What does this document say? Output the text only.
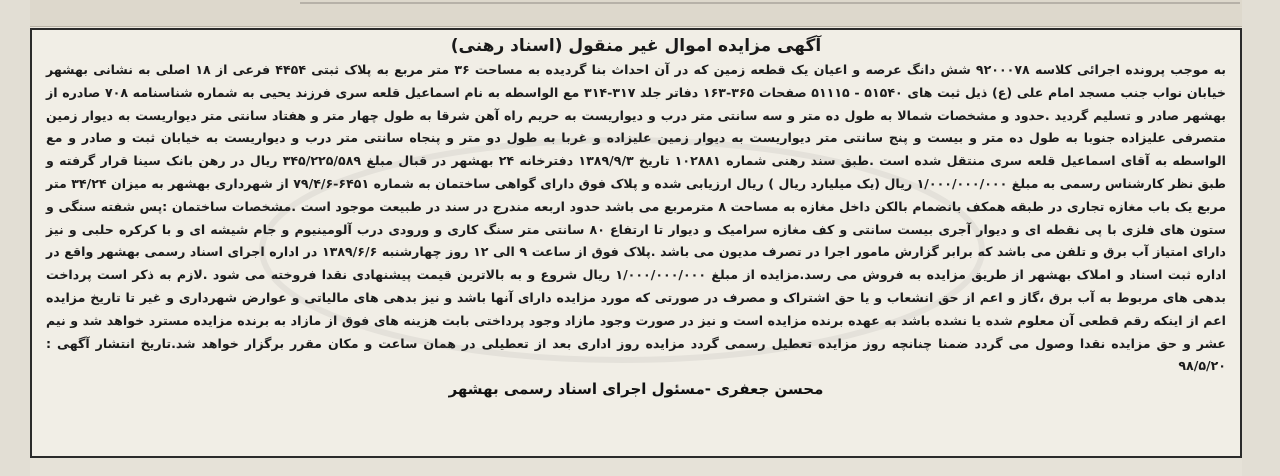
آگهی مزایده اموال غیر منقول (اسناد رهنی)

به موجب پرونده اجرائی کلاسه ۹۲۰۰۰۷۸ شش دانگ عرصه و اعیان یک قطعه زمین که در آن احداث بنا گردیده به مساحت ۳۶ متر مربع به پلاک ثبتی ۴۴۵۴ فرعی از ۱۸ اصلی به نشانی بهشهر خیابان نواب جنب مسجد امام علی (ع) ذیل ثبت های ۵۱۵۴۰ - ۵۱۱۱۵ صفحات ۳۶۵-۱۶۳ دفاتر جلد ۳۱۷-۳۱۴ مع الواسطه به نام اسماعیل قلعه سری فرزند یحیی به شماره شناسنامه ۷۰۸ صادره از بهشهر صادر و تسلیم گردید .حدود و مشخصات شمالا به طول ده متر و سه سانتی متر درب و دیواریست به حریم راه آهن شرقا به طول چهار متر و هفتاد سانتی متر دیواریست به دیوار زمین متصرفی علیزاده جنوبا به طول ده متر و بیست و پنج سانتی متر دیواریست به دیوار زمین علیزاده و غربا به طول دو متر و پنجاه سانتی متر درب و دیواریست به خیابان ثبت و صادر و مع الواسطه به آقای اسماعیل قلعه سری منتقل شده است .طبق سند رهنی شماره ۱۰۲۸۸۱ تاریخ ۱۳۸۹/۹/۳ دفترخانه ۲۴ بهشهر در قبال مبلغ ۳۴۵/۲۲۵/۵۸۹ ریال در رهن بانک سینا قرار گرفته و طبق نظر کارشناس رسمی به مبلغ ۱/۰۰۰/۰۰۰/۰۰۰ ریال (یک میلیارد ریال ) ریال ارزیابی شده و پلاک فوق دارای گواهی ساختمان به شماره ۶۴۵۱-۷۹/۴/۶ از شهرداری بهشهر به میزان ۳۴/۲۴ متر مربع یک باب مغازه تجاری در طبقه همکف بانضمام بالکن داخل مغازه به مساحت ۸ مترمربع می باشد حدود اربعه مندرج در سند در طبیعت موجود است .مشخصات ساختمان :پس شفته سنگی و ستون های فلزی با پی نقطه ای و دیوار آجری بیست سانتی و کف مغازه سرامیک و دیوار تا ارتفاع ۸۰ سانتی متر سنگ کاری و ورودی درب آلومینیوم و جام شیشه ای و با کرکره حلبی و نیز دارای امتیاز آب برق و تلفن می باشد که برابر گزارش مامور اجرا در تصرف مدیون می باشد .پلاک فوق از ساعت ۹ الی ۱۲ روز چهارشنبه ۱۳۸۹/۶/۶ در اداره اجرای اسناد رسمی بهشهر واقع در اداره ثبت اسناد و املاک بهشهر از طریق مزایده به فروش می رسد.مزایده از مبلغ ۱/۰۰۰/۰۰۰/۰۰۰ ریال شروع و به بالاترین قیمت پیشنهادی نقدا فروخته می شود .لازم به ذکر است پرداخت بدهی های مربوط به آب برق ،گاز و اعم از حق انشعاب و یا حق اشتراک و مصرف در صورتی که مورد مزایده دارای آنها باشد و نیز بدهی های مالیاتی و عوارض شهرداری و غیر تا تاریخ مزایده اعم از اینکه رقم قطعی آن معلوم شده یا نشده باشد به عهده برنده مزایده است و نیز در صورت وجود مازاد وجود پرداختی بابت هزینه های فوق از مازاد به برنده مزایده مسترد خواهد شد و نیم عشر و حق مزایده نقدا وصول می گردد ضمنا چنانچه روز مزایده تعطیل رسمی گردد مزایده روز اداری بعد از تعطیلی در همان ساعت و مکان مقرر برگزار خواهد شد.تاریخ انتشار آگهی : ۹۸/۵/۲۰

محسن جعفری -مسئول اجرای اسناد رسمی بهشهر
